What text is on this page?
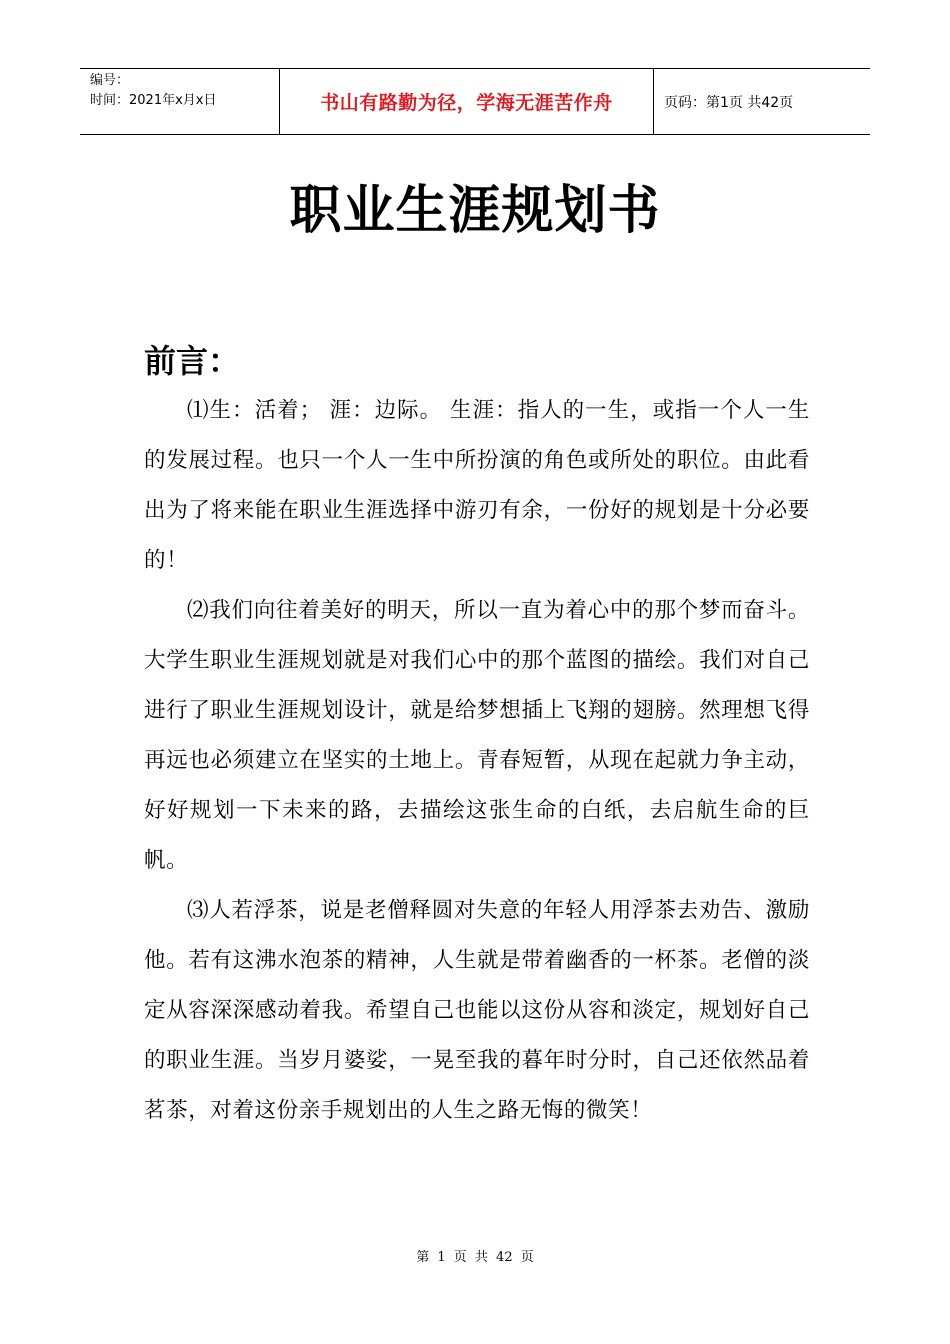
编号：
时间：2021年x月x日	书山有路勤为径，学海无涯苦作舟	页码：第1页 共42页
职业生涯规划书
前言：

⑴生：活着； 涯：边际。 生涯：指人的一生，或指一个人一生的发展过程。也只一个人一生中所扮演的角色或所处的职位。由此看出为了将来能在职业生涯选择中游刃有余，一份好的规划是十分必要的！

⑵我们向往着美好的明天，所以一直为着心中的那个梦而奋斗。大学生职业生涯规划就是对我们心中的那个蓝图的描绘。我们对自己进行了职业生涯规划设计，就是给梦想插上飞翔的翅膀。然理想飞得再远也必须建立在坚实的土地上。青春短暂，从现在起就力争主动，好好规划一下未来的路，去描绘这张生命的白纸，去启航生命的巨帆。

⑶人若浮茶，说是老僧释圆对失意的年轻人用浮茶去劝告、激励他。若有这沸水泡茶的精神，人生就是带着幽香的一杯茶。老僧的淡定从容深深感动着我。希望自己也能以这份从容和淡定，规划好自己的职业生涯。当岁月婆娑，一晃至我的暮年时分时，自己还依然品着茗茶，对着这份亲手规划出的人生之路无悔的微笑！

第 1 页 共 42 页
